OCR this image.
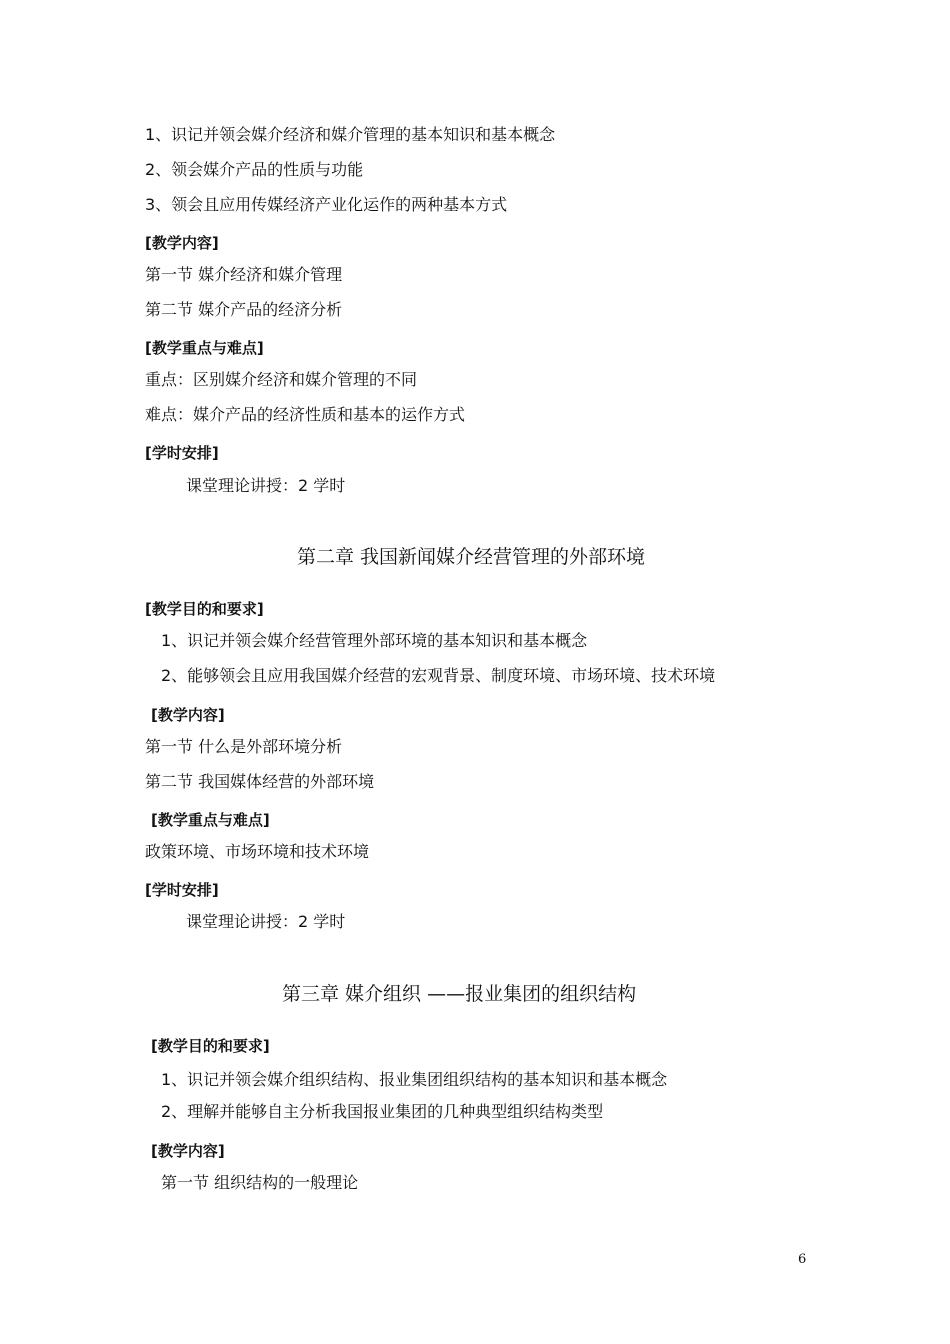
1、识记并领会媒介经济和媒介管理的基本知识和基本概念
2、领会媒介产品的性质与功能
3、领会且应用传媒经济产业化运作的两种基本方式
[教学内容]
第一节 媒介经济和媒介管理
第二节 媒介产品的经济分析
[教学重点与难点]
重点：区别媒介经济和媒介管理的不同
难点：媒介产品的经济性质和基本的运作方式
[学时安排]
课堂理论讲授：2 学时
第二章 我国新闻媒介经营管理的外部环境
[教学目的和要求]
1、识记并领会媒介经营管理外部环境的基本知识和基本概念
2、能够领会且应用我国媒介经营的宏观背景、制度环境、市场环境、技术环境
[教学内容]
第一节 什么是外部环境分析
第二节 我国媒体经营的外部环境
[教学重点与难点]
政策环境、市场环境和技术环境
[学时安排]
课堂理论讲授：2 学时
第三章 媒介组织 ——报业集团的组织结构
[教学目的和要求]
1、识记并领会媒介组织结构、报业集团组织结构的基本知识和基本概念
2、理解并能够自主分析我国报业集团的几种典型组织结构类型
[教学内容]
第一节 组织结构的一般理论
6
